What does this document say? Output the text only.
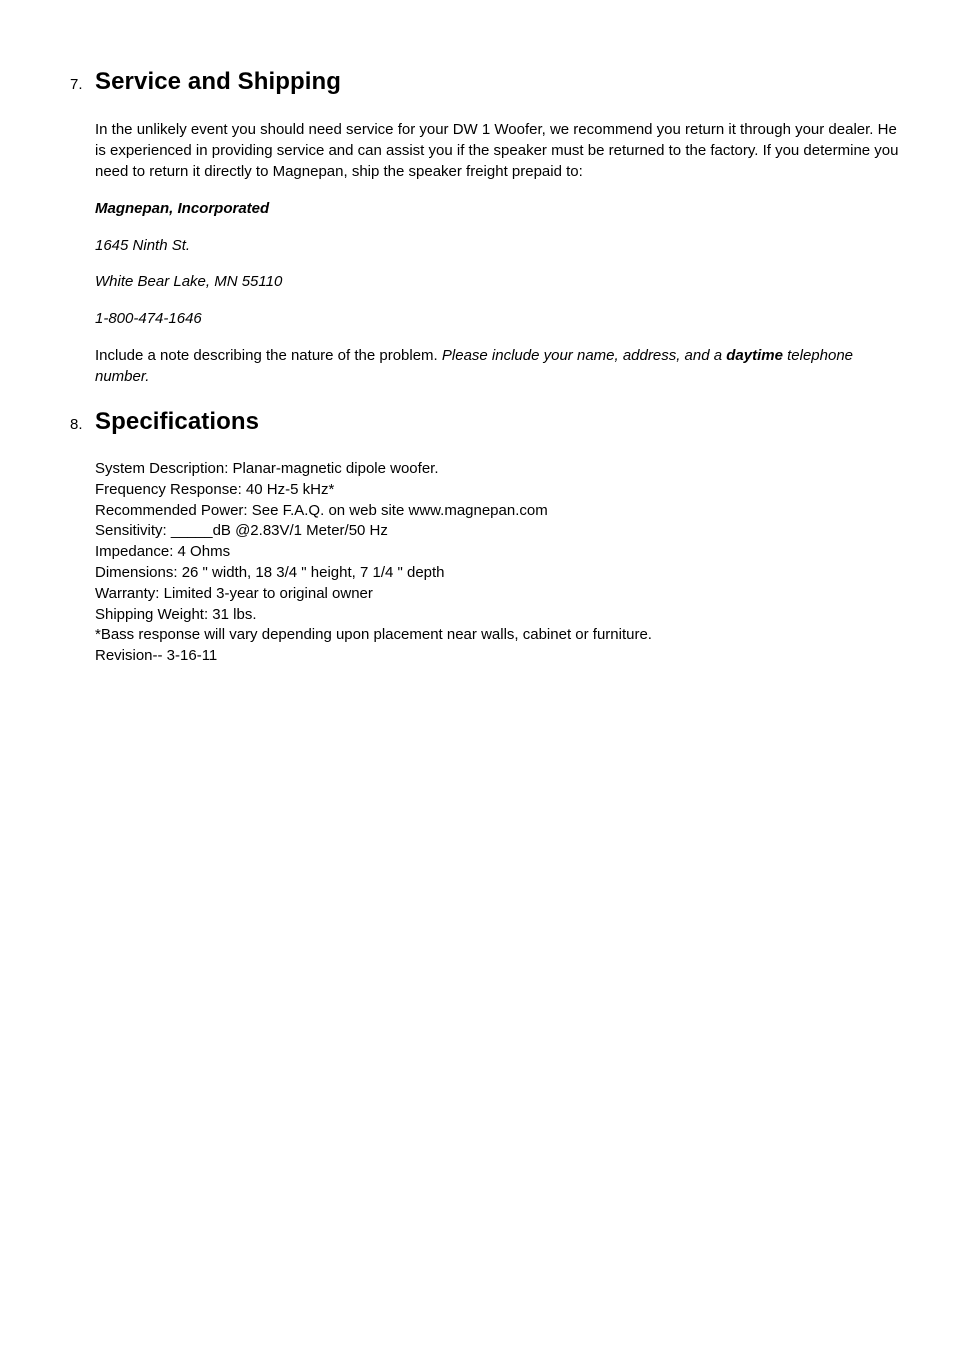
7. Service and Shipping
In the unlikely event you should need service for your DW 1 Woofer, we recommend you return it through your dealer. He is experienced in providing service and can assist you if the speaker must be returned to the factory. If you determine you need to return it directly to Magnepan, ship the speaker freight prepaid to:
Magnepan, Incorporated
1645 Ninth St.
White Bear Lake, MN 55110
1-800-474-1646
Include a note describing the nature of the problem. Please include your name, address, and a daytime telephone number.
8. Specifications
System Description: Planar-magnetic dipole woofer.
Frequency Response: 40 Hz-5 kHz*
Recommended Power: See F.A.Q. on web site www.magnepan.com
Sensitivity: _____dB @2.83V/1 Meter/50 Hz
Impedance: 4 Ohms
Dimensions: 26 " width, 18 3/4 " height, 7 1/4 " depth
Warranty: Limited 3-year to original owner
Shipping Weight: 31 lbs.
*Bass response will vary depending upon placement near walls, cabinet or furniture.
Revision-- 3-16-11
